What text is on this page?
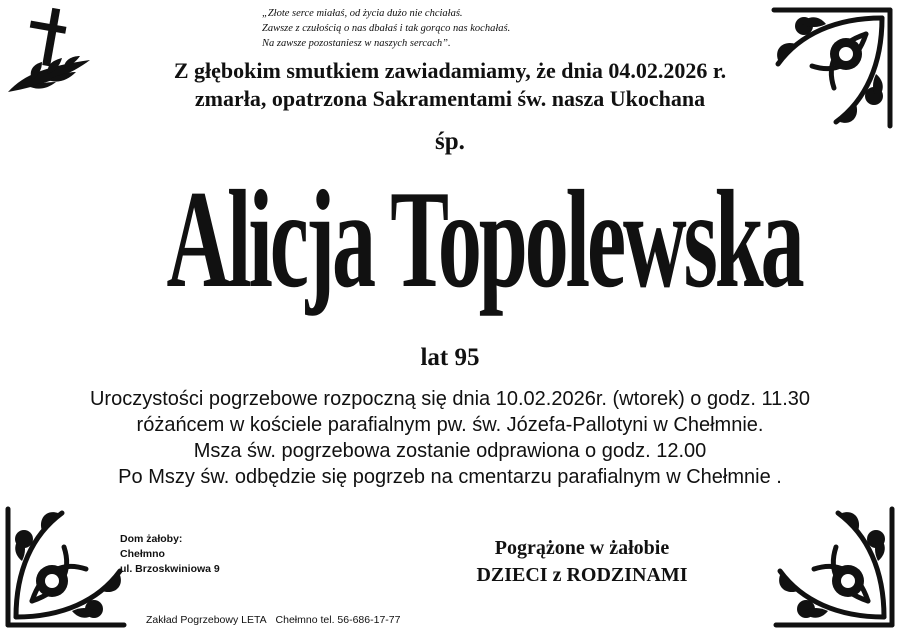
„Złote serce miałaś, od życia dużo nie chciałaś.
Zawsze z czułością o nas dbałaś i tak gorąco nas kochałaś.
Na zawsze pozostaniesz w naszych sercach”.
Z głębokim smutkiem zawiadamiamy, że dnia 04.02.2026 r.
zmarła, opatrzona Sakramentami św. nasza Ukochana
śp.
Alicja Topolewska
lat 95
Uroczystości pogrzebowe rozpoczną się dnia 10.02.2026r. (wtorek) o godz. 11.30
różańcem w kościele parafialnym pw. św. Józefa-Pallotyni w Chełmnie.
Msza św. pogrzebowa zostanie odprawiona o godz. 12.00
Po Mszy św. odbędzie się pogrzeb na cmentarzu parafialnym w Chełmnie .
Dom żałoby:
Chełmno
ul. Brzoskwiniowa 9
Pogrążone w żałobie
DZIECI z RODZINAMI
Zakład Pogrzebowy LETA Chełmno tel. 56-686-17-77
